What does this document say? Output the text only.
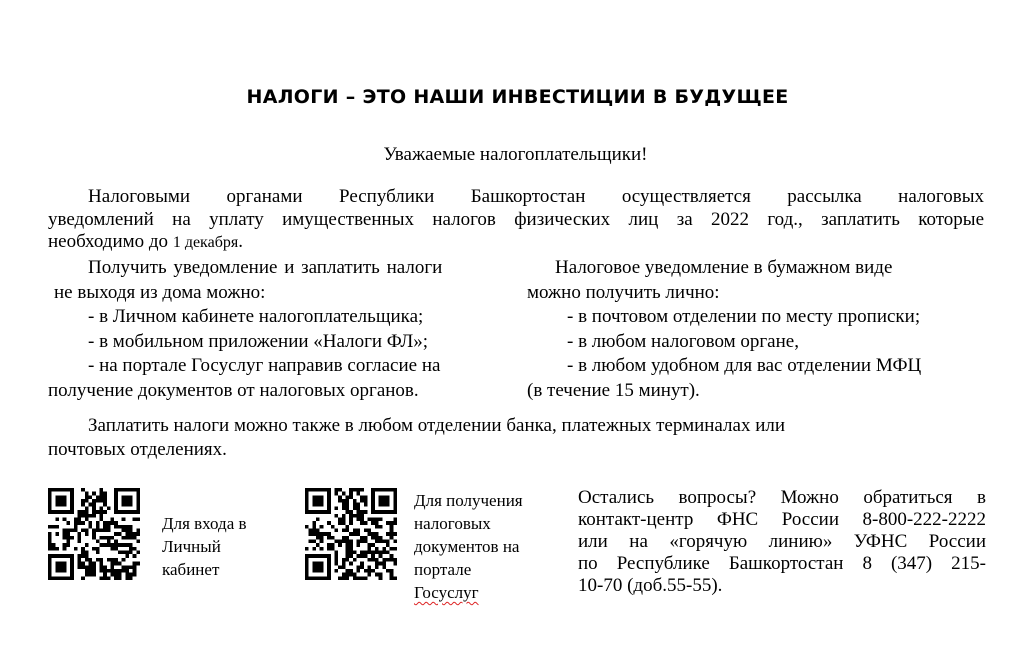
НАЛОГИ – ЭТО НАШИ ИНВЕСТИЦИИ В БУДУЩЕЕ
Уважаемые налогоплательщики!
Налоговыми органами Республики Башкортостан осуществляется рассылка налоговых
уведомлений на уплату имущественных налогов физических лиц за 2022 год., заплатить которые
необходимо до 1 декабря.
Получить уведомление и заплатить налоги
не выходя из дома можно:
- в Личном кабинете налогоплательщика;
- в мобильном приложении «Налоги ФЛ»;
- на портале Госуслуг направив согласие на
получение документов от налоговых органов.
Налоговое уведомление в бумажном виде
можно получить лично:
- в почтовом отделении по месту прописки;
- в любом налоговом органе,
- в любом удобном для вас отделении МФЦ
(в течение 15 минут).
Заплатить налоги можно также в любом отделении банка, платежных терминалах или
почтовых отделениях.
Для входа в
Личный
кабинет
Для получения
налоговых
документов на
портале
Госуслуг
Остались вопросы? Можно обратиться в
контакт-центр ФНС России 8-800-222-2222
или на «горячую линию» УФНС России
по Республике Башкортостан 8 (347) 215-
10-70 (доб.55-55).
